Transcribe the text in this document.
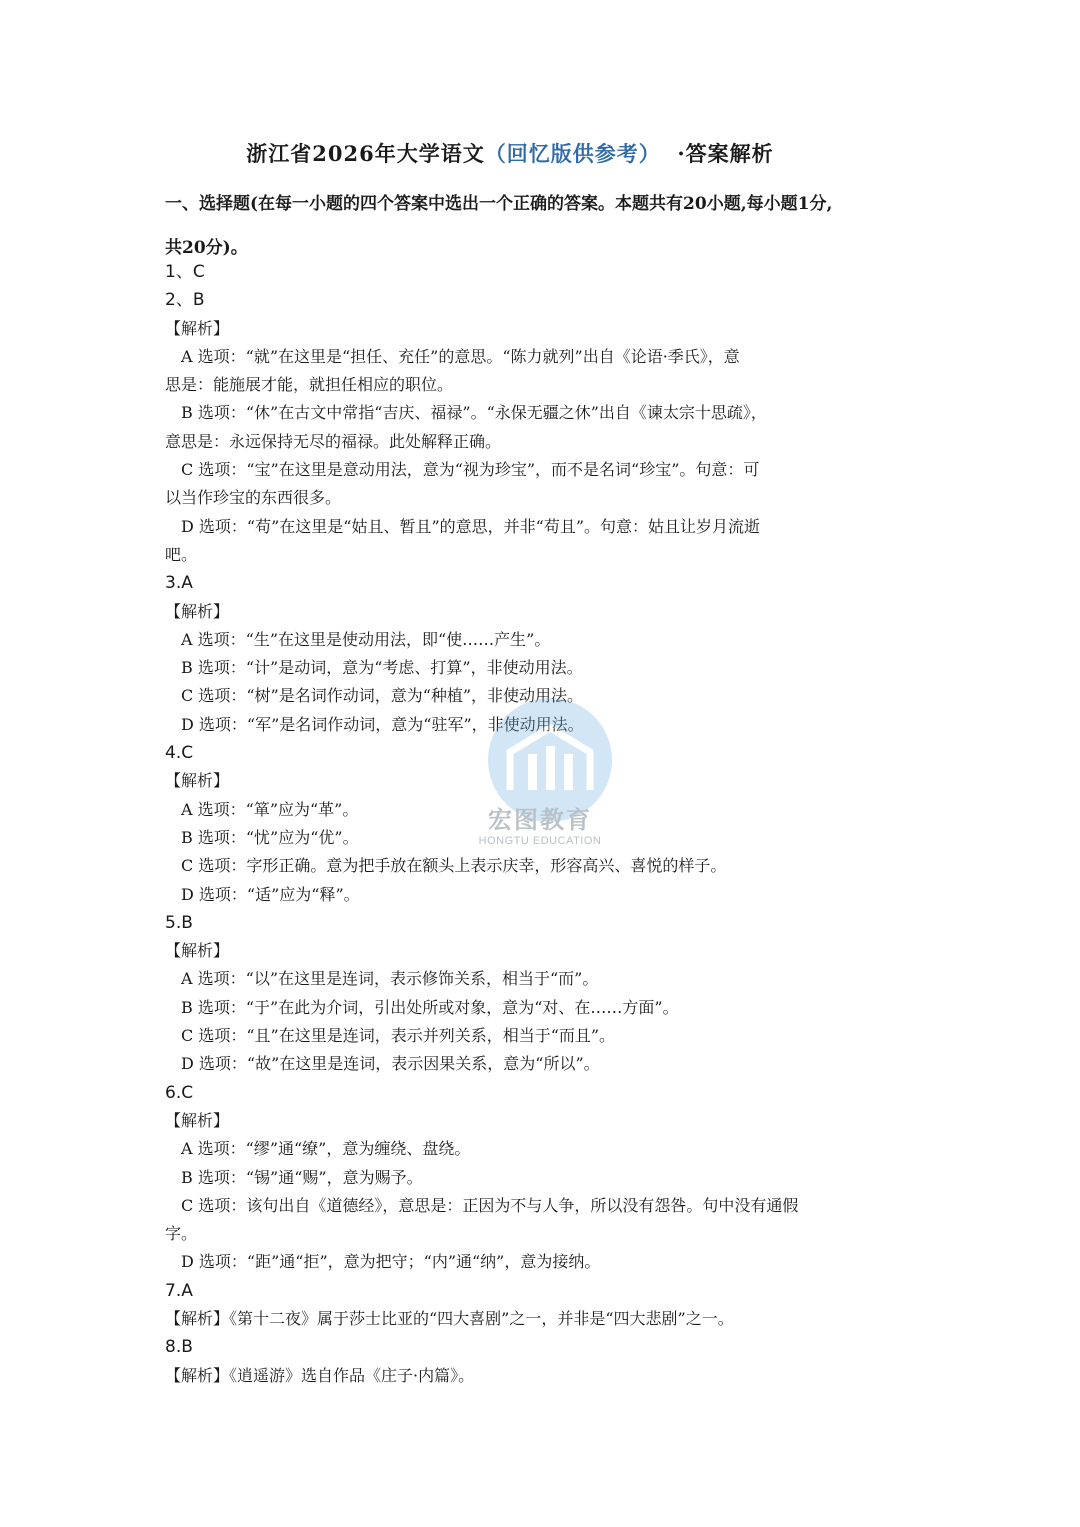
浙江省2026年大学语文（回忆版供参考） ·答案解析
一、选择题(在每一小题的四个答案中选出一个正确的答案。本题共有20小题,每小题1分,
共20分)。
1、C
2、B
【解析】
A 选项：“就”在这里是“担任、充任”的意思。“陈力就列”出自《论语·季氏》，意
思是：能施展才能，就担任相应的职位。
B 选项：“休”在古文中常指“吉庆、福禄”。“永保无疆之休”出自《谏太宗十思疏》，
意思是：永远保持无尽的福禄。此处解释正确。
C 选项：“宝”在这里是意动用法，意为“视为珍宝”，而不是名词“珍宝”。句意：可
以当作珍宝的东西很多。
D 选项：“苟”在这里是“姑且、暂且”的意思，并非“苟且”。句意：姑且让岁月流逝
吧。
3.A
【解析】
A 选项：“生”在这里是使动用法，即“使……产生”。
B 选项：“计”是动词，意为“考虑、打算”，非使动用法。
C 选项：“树”是名词作动词，意为“种植”，非使动用法。
D 选项：“军”是名词作动词，意为“驻军”，非使动用法。
4.C
【解析】
A 选项：“箪”应为“革”。
B 选项：“忧”应为“优”。
C 选项：字形正确。意为把手放在额头上表示庆幸，形容高兴、喜悦的样子。
D 选项：“适”应为“释”。
5.B
【解析】
A 选项：“以”在这里是连词，表示修饰关系，相当于“而”。
B 选项：“于”在此为介词，引出处所或对象，意为“对、在……方面”。
C 选项：“且”在这里是连词，表示并列关系，相当于“而且”。
D 选项：“故”在这里是连词，表示因果关系，意为“所以”。
6.C
【解析】
A 选项：“缪”通“缭”，意为缠绕、盘绕。
B 选项：“锡”通“赐”，意为赐予。
C 选项：该句出自《道德经》，意思是：正因为不与人争，所以没有怨咎。句中没有通假
字。
D 选项：“距”通“拒”，意为把守；“内”通“纳”，意为接纳。
7.A
【解析】《第十二夜》属于莎士比亚的“四大喜剧”之一，并非是“四大悲剧”之一。
8.B
【解析】《逍遥游》选自作品《庄子·内篇》。
宏图教育
HONGTU EDUCATION
